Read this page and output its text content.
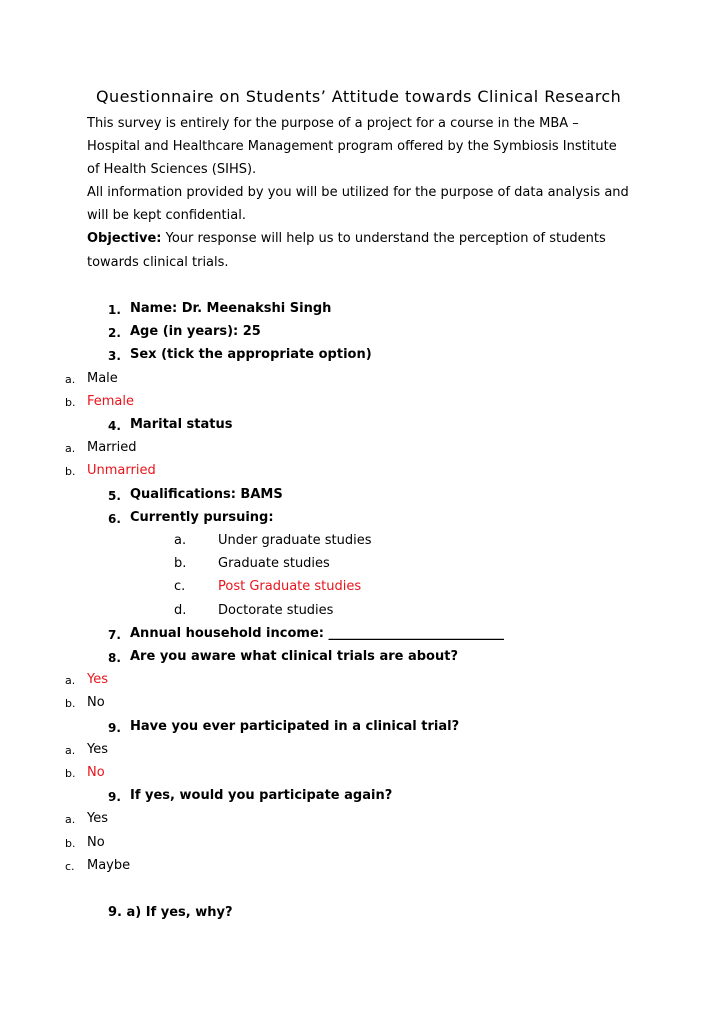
Questionnaire on Students’ Attitude towards Clinical Research
This survey is entirely for the purpose of a project for a course in the MBA –
Hospital and Healthcare Management program offered by the Symbiosis Institute
of Health Sciences (SIHS).
All information provided by you will be utilized for the purpose of data analysis and
will be kept confidential.
Objective: Your response will help us to understand the perception of students
towards clinical trials.
1. Name: Dr. Meenakshi Singh
2. Age (in years): 25
3. Sex (tick the appropriate option)
a. Male
b. Female
4. Marital status
a. Married
b. Unmarried
5. Qualifications: BAMS
6. Currently pursuing:
a. Under graduate studies
b. Graduate studies
c.	Post Graduate studies
d. Doctorate studies
7. Annual household income: ___________________________
8. Are you aware what clinical trials are about?
a. Yes
b. No
9. Have you ever participated in a clinical trial?
a. Yes
b. No
9. If yes, would you participate again?
a. Yes
b. No
c. Maybe
9. a) If yes, why?
